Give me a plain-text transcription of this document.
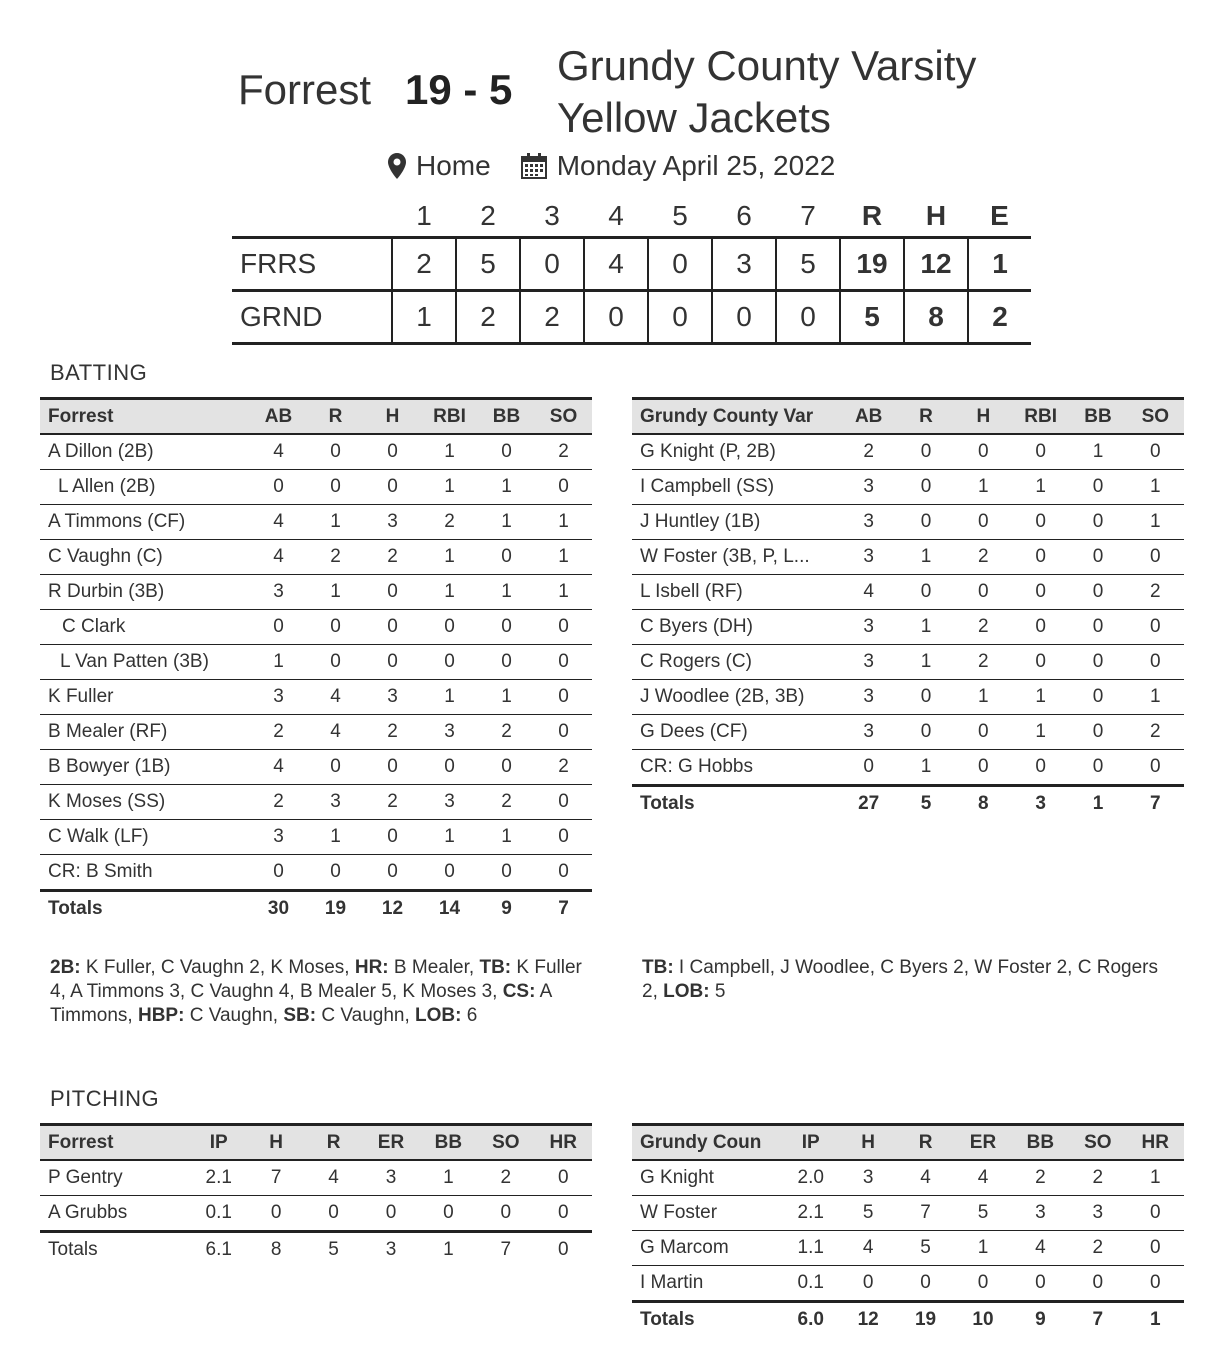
Forrest 19 - 5
Grundy County Varsity
Yellow Jackets
Home Monday April 25, 2022
	1	2	3	4	5	6	7	R	H	E
FRRS	2	5	0	4	0	3	5	19	12	1
GRND	1	2	2	0	0	0	0	5	8	2
BATTING
Forrest	AB	R	H	RBI	BB	SO
A Dillon (2B)	4	0	0	1	0	2
L Allen (2B)	0	0	0	1	1	0
A Timmons (CF)	4	1	3	2	1	1
C Vaughn (C)	4	2	2	1	0	1
R Durbin (3B)	3	1	0	1	1	1
C Clark	0	0	0	0	0	0
L Van Patten (3B)	1	0	0	0	0	0
K Fuller	3	4	3	1	1	0
B Mealer (RF)	2	4	2	3	2	0
B Bowyer (1B)	4	0	0	0	0	2
K Moses (SS)	2	3	2	3	2	0
C Walk (LF)	3	1	0	1	1	0
CR: B Smith	0	0	0	0	0	0
Totals	30	19	12	14	9	7
Grundy County Var	AB	R	H	RBI	BB	SO
G Knight (P, 2B)	2	0	0	0	1	0
I Campbell (SS)	3	0	1	1	0	1
J Huntley (1B)	3	0	0	0	0	1
W Foster (3B, P, L...	3	1	2	0	0	0
L Isbell (RF)	4	0	0	0	0	2
C Byers (DH)	3	1	2	0	0	0
C Rogers (C)	3	1	2	0	0	0
J Woodlee (2B, 3B)	3	0	1	1	0	1
G Dees (CF)	3	0	0	1	0	2
CR: G Hobbs	0	1	0	0	0	0
Totals	27	5	8	3	1	7
2B: K Fuller, C Vaughn 2, K Moses, HR: B Mealer, TB: K Fuller 4, A Timmons 3, C Vaughn 4, B Mealer 5, K Moses 3, CS: A Timmons, HBP: C Vaughn, SB: C Vaughn, LOB: 6
TB: I Campbell, J Woodlee, C Byers 2, W Foster 2, C Rogers 2, LOB: 5
PITCHING
Forrest	IP	H	R	ER	BB	SO	HR
P Gentry	2.1	7	4	3	1	2	0
A Grubbs	0.1	0	0	0	0	0	0
Totals	6.1	8	5	3	1	7	0
Grundy Coun	IP	H	R	ER	BB	SO	HR
G Knight	2.0	3	4	4	2	2	1
W Foster	2.1	5	7	5	3	3	0
G Marcom	1.1	4	5	1	4	2	0
I Martin	0.1	0	0	0	0	0	0
Totals	6.0	12	19	10	9	7	1
